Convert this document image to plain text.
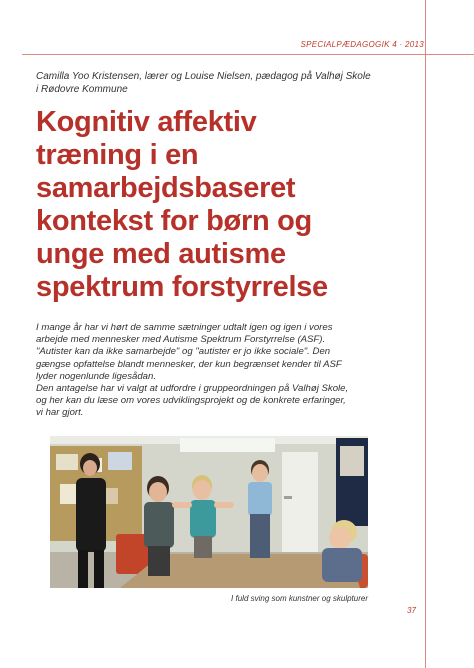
SPECIALPÆDAGOGIK 4 · 2013
Camilla Yoo Kristensen, lærer og Louise Nielsen, pædagog på Valhøj Skole
i Rødovre Kommune
Kognitiv affektiv
træning i en
samarbejdsbaseret
kontekst for børn og
unge med autisme
spektrum forstyrrelse
I mange år har vi hørt de samme sætninger udtalt igen og igen i vores
arbejde med mennesker med Autisme Spektrum Forstyrrelse (ASF).
"Autister kan da ikke samarbejde" og "autister er jo ikke sociale". Den
gængse opfattelse blandt mennesker, der kun begrænset kender til ASF
lyder nogenlunde ligesådan.
Den antagelse har vi valgt at udfordre i gruppeordningen på Valhøj Skole,
og her kan du læse om vores udviklingsprojekt og de konkrete erfaringer,
vi har gjort.
I fuld sving som kunstner og skulpturer
37
